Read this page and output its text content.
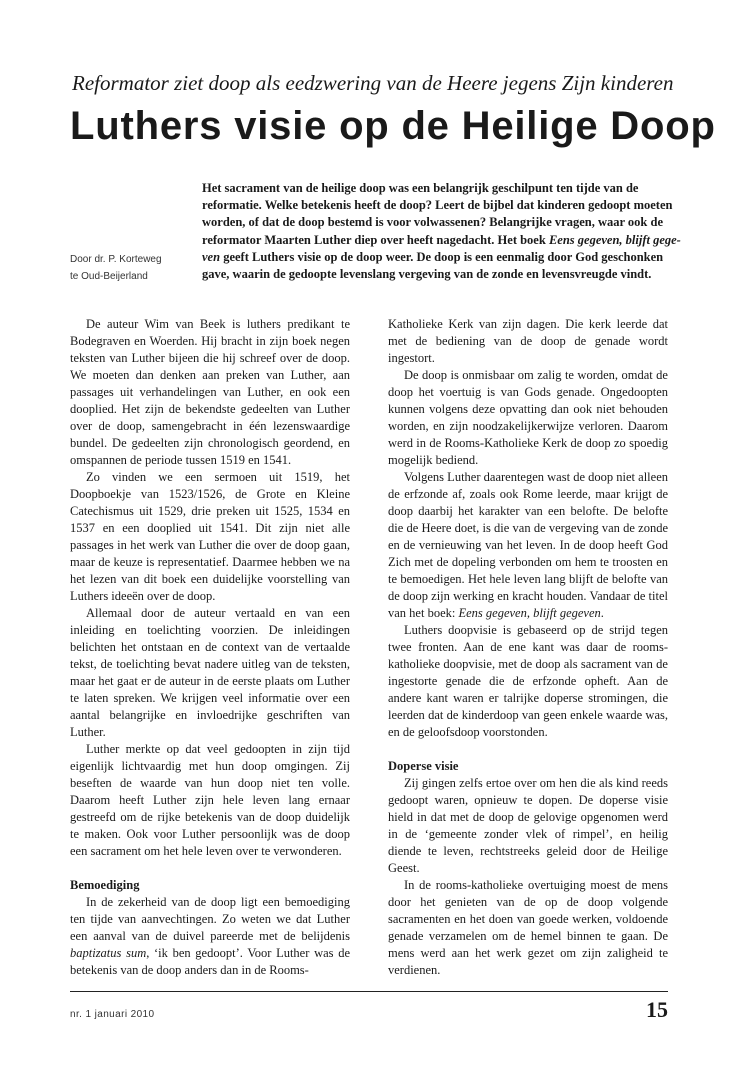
Reformator ziet doop als eedzwering van de Heere jegens Zijn kinderen
Luthers visie op de Heilige Doop
Door dr. P. Korteweg
te Oud-Beijerland
Het sacrament van de heilige doop was een belangrijk geschilpunt ten tijde van de
reformatie. Welke betekenis heeft de doop? Leert de bijbel dat kinderen gedoopt moeten
worden, of dat de doop bestemd is voor volwassenen? Belangrijke vragen, waar ook de
reformator Maarten Luther diep over heeft nagedacht. Het boek Eens gegeven, blijft gege-
ven geeft Luthers visie op de doop weer. De doop is een eenmalig door God geschonken
gave, waarin de gedoopte levenslang vergeving van de zonde en levensvreugde vindt.

De auteur Wim van Beek is luthers predikant te Bodegraven en Woerden. Hij bracht in zijn boek negen teksten van Luther bijeen die hij schreef over de doop. We moeten dan denken aan preken van Luther, aan passages uit verhandelingen van Luther, en ook een dooplied. Het zijn de bekendste gedeelten van Luther over de doop, samengebracht in één lezenswaardige bundel. De gedeelten zijn chronologisch geordend, en omspannen de periode tussen 1519 en 1541.

Zo vinden we een sermoen uit 1519, het Doopboekje van 1523/1526, de Grote en Kleine Catechismus uit 1529, drie preken uit 1525, 1534 en 1537 en een dooplied uit 1541. Dit zijn niet alle passages in het werk van Luther die over de doop gaan, maar de keuze is representatief. Daarmee hebben we na het lezen van dit boek een duidelijke voorstelling van Luthers ideeën over de doop.

Allemaal door de auteur vertaald en van een inleiding en toelichting voorzien. De inleidingen belichten het ontstaan en de context van de vertaalde tekst, de toelichting bevat nadere uitleg van de teksten, maar het gaat er de auteur in de eerste plaats om Luther te laten spreken. We krijgen veel informatie over een aantal belangrijke en invloedrijke geschriften van Luther.

Luther merkte op dat veel gedoopten in zijn tijd eigenlijk lichtvaardig met hun doop omgingen. Zij beseften de waarde van hun doop niet ten volle. Daarom heeft Luther zijn hele leven lang ernaar gestreefd om de rijke betekenis van de doop duidelijk te maken. Ook voor Luther persoonlijk was de doop een sacrament om het hele leven over te verwonderen.

Bemoediging

In de zekerheid van de doop ligt een bemoediging ten tijde van aanvechtingen. Zo weten we dat Luther een aanval van de duivel pareerde met de belijdenis baptizatus sum, ‘ik ben gedoopt’. Voor Luther was de betekenis van de doop anders dan in de Rooms-

Katholieke Kerk van zijn dagen. Die kerk leerde dat met de bediening van de doop de genade wordt ingestort.

De doop is onmisbaar om zalig te worden, omdat de doop het voertuig is van Gods genade. Ongedoopten kunnen volgens deze opvatting dan ook niet behouden worden, en zijn noodzakelijkerwijze verloren. Daarom werd in de Rooms-Katholieke Kerk de doop zo spoedig mogelijk bediend.

Volgens Luther daarentegen wast de doop niet alleen de erfzonde af, zoals ook Rome leerde, maar krijgt de doop daarbij het karakter van een belofte. De belofte die de Heere doet, is die van de vergeving van de zonde en de vernieuwing van het leven. In de doop heeft God Zich met de dopeling verbonden om hem te troosten en te bemoedigen. Het hele leven lang blijft de belofte van de doop zijn werking en kracht houden. Vandaar de titel van het boek: Eens gegeven, blijft gegeven.

Luthers doopvisie is gebaseerd op de strijd tegen twee fronten. Aan de ene kant was daar de rooms-katholieke doopvisie, met de doop als sacrament van de ingestorte genade die de erfzonde opheft. Aan de andere kant waren er talrijke doperse stromingen, die leerden dat de kinderdoop van geen enkele waarde was, en de geloofsdoop voorstonden.

Doperse visie

Zij gingen zelfs ertoe over om hen die als kind reeds gedoopt waren, opnieuw te dopen. De doperse visie hield in dat met de doop de gelovige opgenomen werd in de ‘gemeente zonder vlek of rimpel’, en heilig diende te leven, rechtstreeks geleid door de Heilige Geest.

In de rooms-katholieke overtuiging moest de mens door het genieten van de op de doop volgende sacramenten en het doen van goede werken, voldoende genade verzamelen om de hemel binnen te gaan. De mens werd aan het werk gezet om zijn zaligheid te verdienen.

nr. 1 januari 2010	15
